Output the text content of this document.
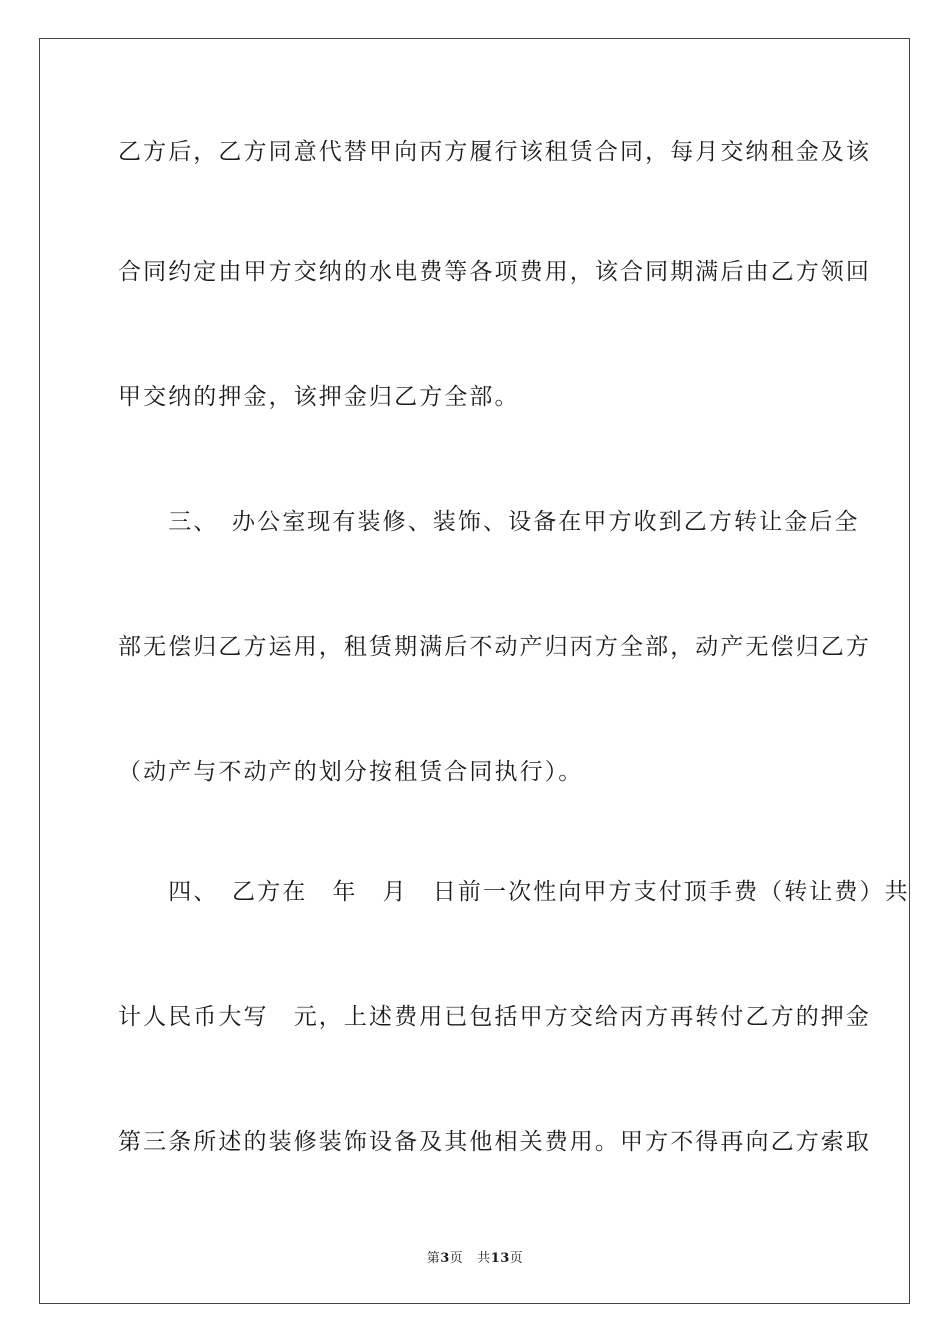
乙方后，乙方同意代替甲向丙方履行该租赁合同，每月交纳租金及该
合同约定由甲方交纳的水电费等各项费用，该合同期满后由乙方领回
甲交纳的押金，该押金归乙方全部。
　　三、　办公室现有装修、装饰、设备在甲方收到乙方转让金后全
部无偿归乙方运用，租赁期满后不动产归丙方全部，动产无偿归乙方
（动产与不动产的划分按租赁合同执行）。
　　四、　乙方在　年　月　日前一次性向甲方支付顶手费（转让费）共
计人民币大写　元，上述费用已包括甲方交给丙方再转付乙方的押金
第三条所述的装修装饰设备及其他相关费用。甲方不得再向乙方索取
第3页 共13页
